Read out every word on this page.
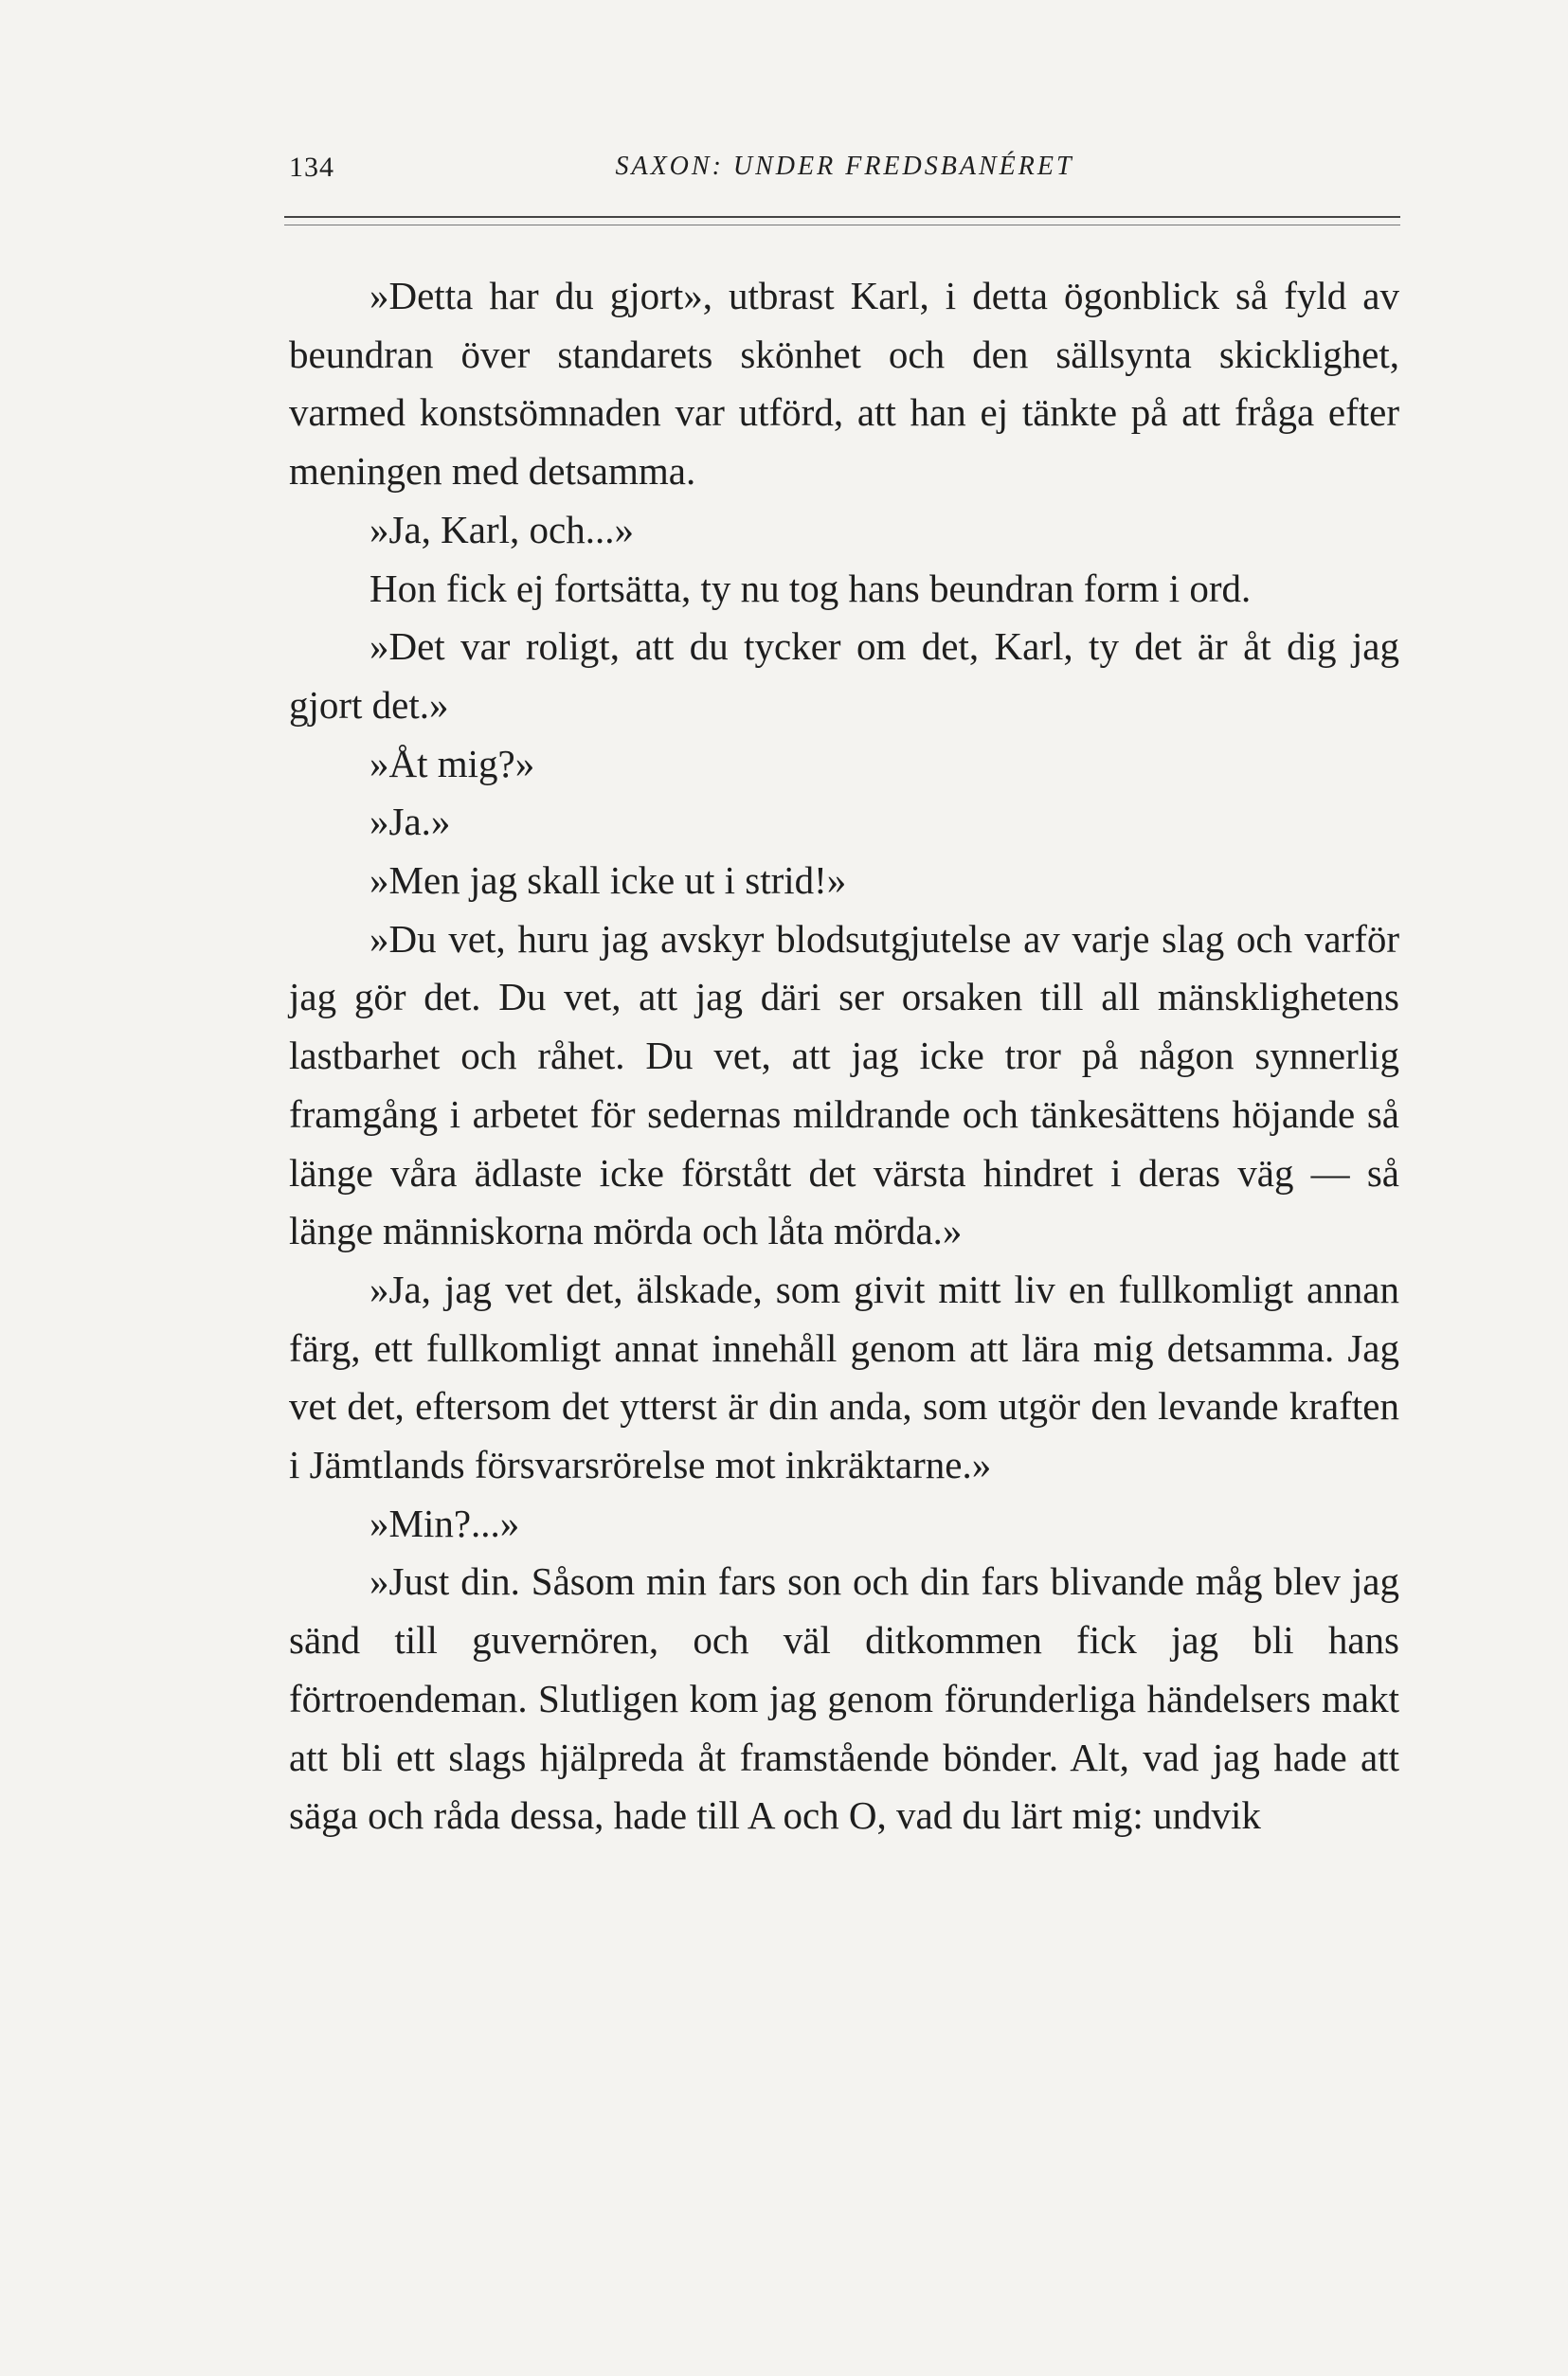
134	SAXON: UNDER FREDSBANÉRET

»Detta har du gjort», utbrast Karl, i detta ögonblick så fyld av beundran över standarets skönhet och den sällsynta skicklighet, varmed konstsömnaden var utförd, att han ej tänkte på att fråga efter meningen med detsamma.

»Ja, Karl, och...»

Hon fick ej fortsätta, ty nu tog hans beundran form i ord.

»Det var roligt, att du tycker om det, Karl, ty det är åt dig jag gjort det.»

»Åt mig?»

»Ja.»

»Men jag skall icke ut i strid!»

»Du vet, huru jag avskyr blodsutgjutelse av varje slag och varför jag gör det. Du vet, att jag däri ser orsaken till all mänsklighetens lastbarhet och råhet. Du vet, att jag icke tror på någon synnerlig framgång i arbetet för sedernas mildrande och tänkesättens höjande så länge våra ädlaste icke förstått det värsta hindret i deras väg — så länge människorna mörda och låta mörda.»

»Ja, jag vet det, älskade, som givit mitt liv en fullkomligt annan färg, ett fullkomligt annat innehåll genom att lära mig detsamma. Jag vet det, eftersom det ytterst är din anda, som utgör den levande kraften i Jämtlands försvarsrörelse mot inkräktarne.»

»Min?...»

»Just din. Såsom min fars son och din fars blivande måg blev jag sänd till guvernören, och väl ditkommen fick jag bli hans förtroendeman. Slutligen kom jag genom förunderliga händelsers makt att bli ett slags hjälpreda åt framstående bönder. Alt, vad jag hade att säga och råda dessa, hade till A och O, vad du lärt mig: undvik
